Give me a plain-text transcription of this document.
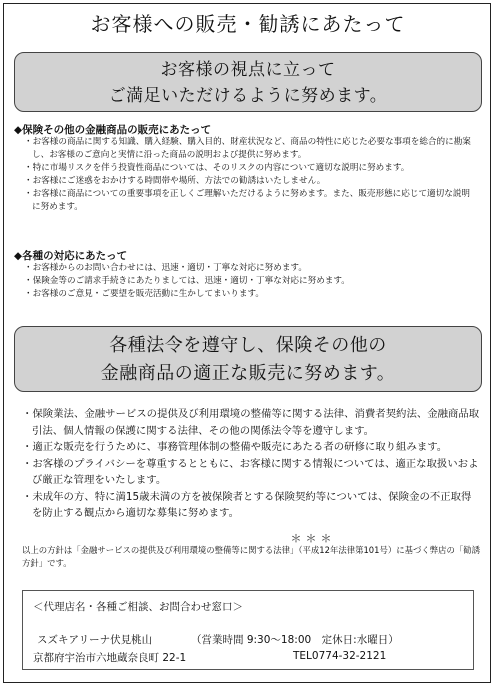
お客様への販売・勧誘にあたって
お客様の視点に立って
ご満足いただけるように努めます。
◆保険その他の金融商品の販売にあたって
・お客様の商品に関する知識、購入経験、購入目的、財産状況など、商品の特性に応じた必要な事項を総合的に勘案し、お客様のご意向と実情に沿った商品の説明および提供に努めます。
・特に市場リスクを伴う投資性商品については、そのリスクの内容について適切な説明に努めます。
・お客様にご迷惑をおかけする時間帯や場所、方法での勧誘はいたしません。
・お客様に商品についての重要事項を正しくご理解いただけるように努めます。また、販売形態に応じて適切な説明に努めます。
◆各種の対応にあたって
・お客様からのお問い合わせには、迅速・適切・丁寧な対応に努めます。
・保険金等のご請求手続きにあたりましては、迅速・適切・丁寧な対応に努めます。
・お客様のご意見・ご要望を販売活動に生かしてまいります。
各種法令を遵守し、保険その他の
金融商品の適正な販売に努めます。
・保険業法、金融サービスの提供及び利用環境の整備等に関する法律、消費者契約法、金融商品取引法、個人情報の保護に関する法律、その他の関係法令等を遵守します。
・適正な販売を行うために、事務管理体制の整備や販売にあたる者の研修に取り組みます。
・お客様のプライバシーを尊重するとともに、お客様に関する情報については、適正な取扱いおよび厳正な管理をいたします。
・未成年の方、特に満15歳未満の方を被保険者とする保険契約等については、保険金の不正取得を防止する観点から適切な募集に努めます。
＊＊＊
以上の方針は「金融サービスの提供及び利用環境の整備等に関する法律」（平成12年法律第101号）に基づく弊店の「勧誘方針」です。
＜代理店名・各種ご相談、お問合わせ窓口＞
スズキアリーナ伏見桃山	（営業時間 9:30～18:00　定休日:水曜日）
京都府宇治市六地蔵奈良町 22-1	TEL0774-32-2121
